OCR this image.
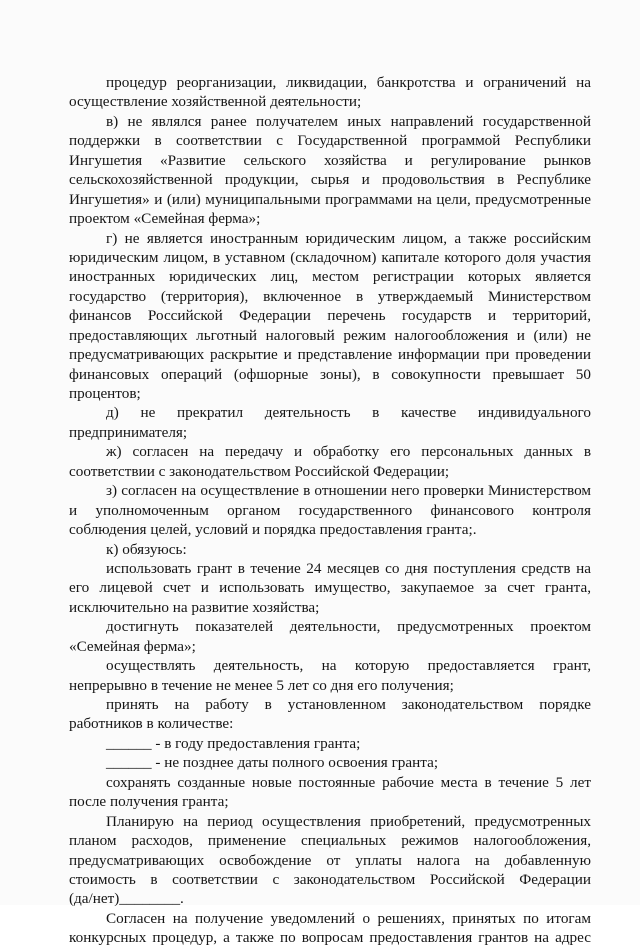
процедур реорганизации, ликвидации, банкротства и ограничений на
осуществление хозяйственной деятельности;
в) не являлся ранее получателем иных направлений государственной
поддержки в соответствии с Государственной программой Республики
Ингушетия «Развитие сельского хозяйства и регулирование рынков
сельскохозяйственной продукции, сырья и продовольствия в Республике
Ингушетия» и (или) муниципальными программами на цели, предусмотренные
проектом «Семейная ферма»;
г) не является иностранным юридическим лицом, а также российским
юридическим лицом, в уставном (складочном) капитале которого доля участия
иностранных юридических лиц, местом регистрации которых является
государство (территория), включенное в утверждаемый Министерством
финансов Российской Федерации перечень государств и территорий,
предоставляющих льготный налоговый режим налогообложения и (или) не
предусматривающих раскрытие и представление информации при проведении
финансовых операций (офшорные зоны), в совокупности превышает 50
процентов;
д) не прекратил деятельность в качестве индивидуального
предпринимателя;
ж) согласен на передачу и обработку его персональных данных в
соответствии с законодательством Российской Федерации;
з) согласен на осуществление в отношении него проверки Министерством
и уполномоченным органом государственного финансового контроля
соблюдения целей, условий и порядка предоставления гранта;.
к) обязуюсь:
использовать грант в течение 24 месяцев со дня поступления средств на
его лицевой счет и использовать имущество, закупаемое за счет гранта,
исключительно на развитие хозяйства;
достигнуть показателей деятельности, предусмотренных проектом
«Семейная ферма»;
осуществлять деятельность, на которую предоставляется грант,
непрерывно в течение не менее 5 лет со дня его получения;
принять на работу в установленном законодательством порядке
работников в количестве:
______ - в году предоставления гранта;
______ - не позднее даты полного освоения гранта;
сохранять созданные новые постоянные рабочие места в течение 5 лет
после получения гранта;
Планирую на период осуществления приобретений, предусмотренных
планом расходов, применение специальных режимов налогообложения,
предусматривающих освобождение от уплаты налога на добавленную
стоимость в соответствии с законодательством Российской Федерации
(да/нет)________.
Согласен на получение уведомлений о решениях, принятых по итогам
конкурсных процедур, а также по вопросам предоставления грантов на адрес
